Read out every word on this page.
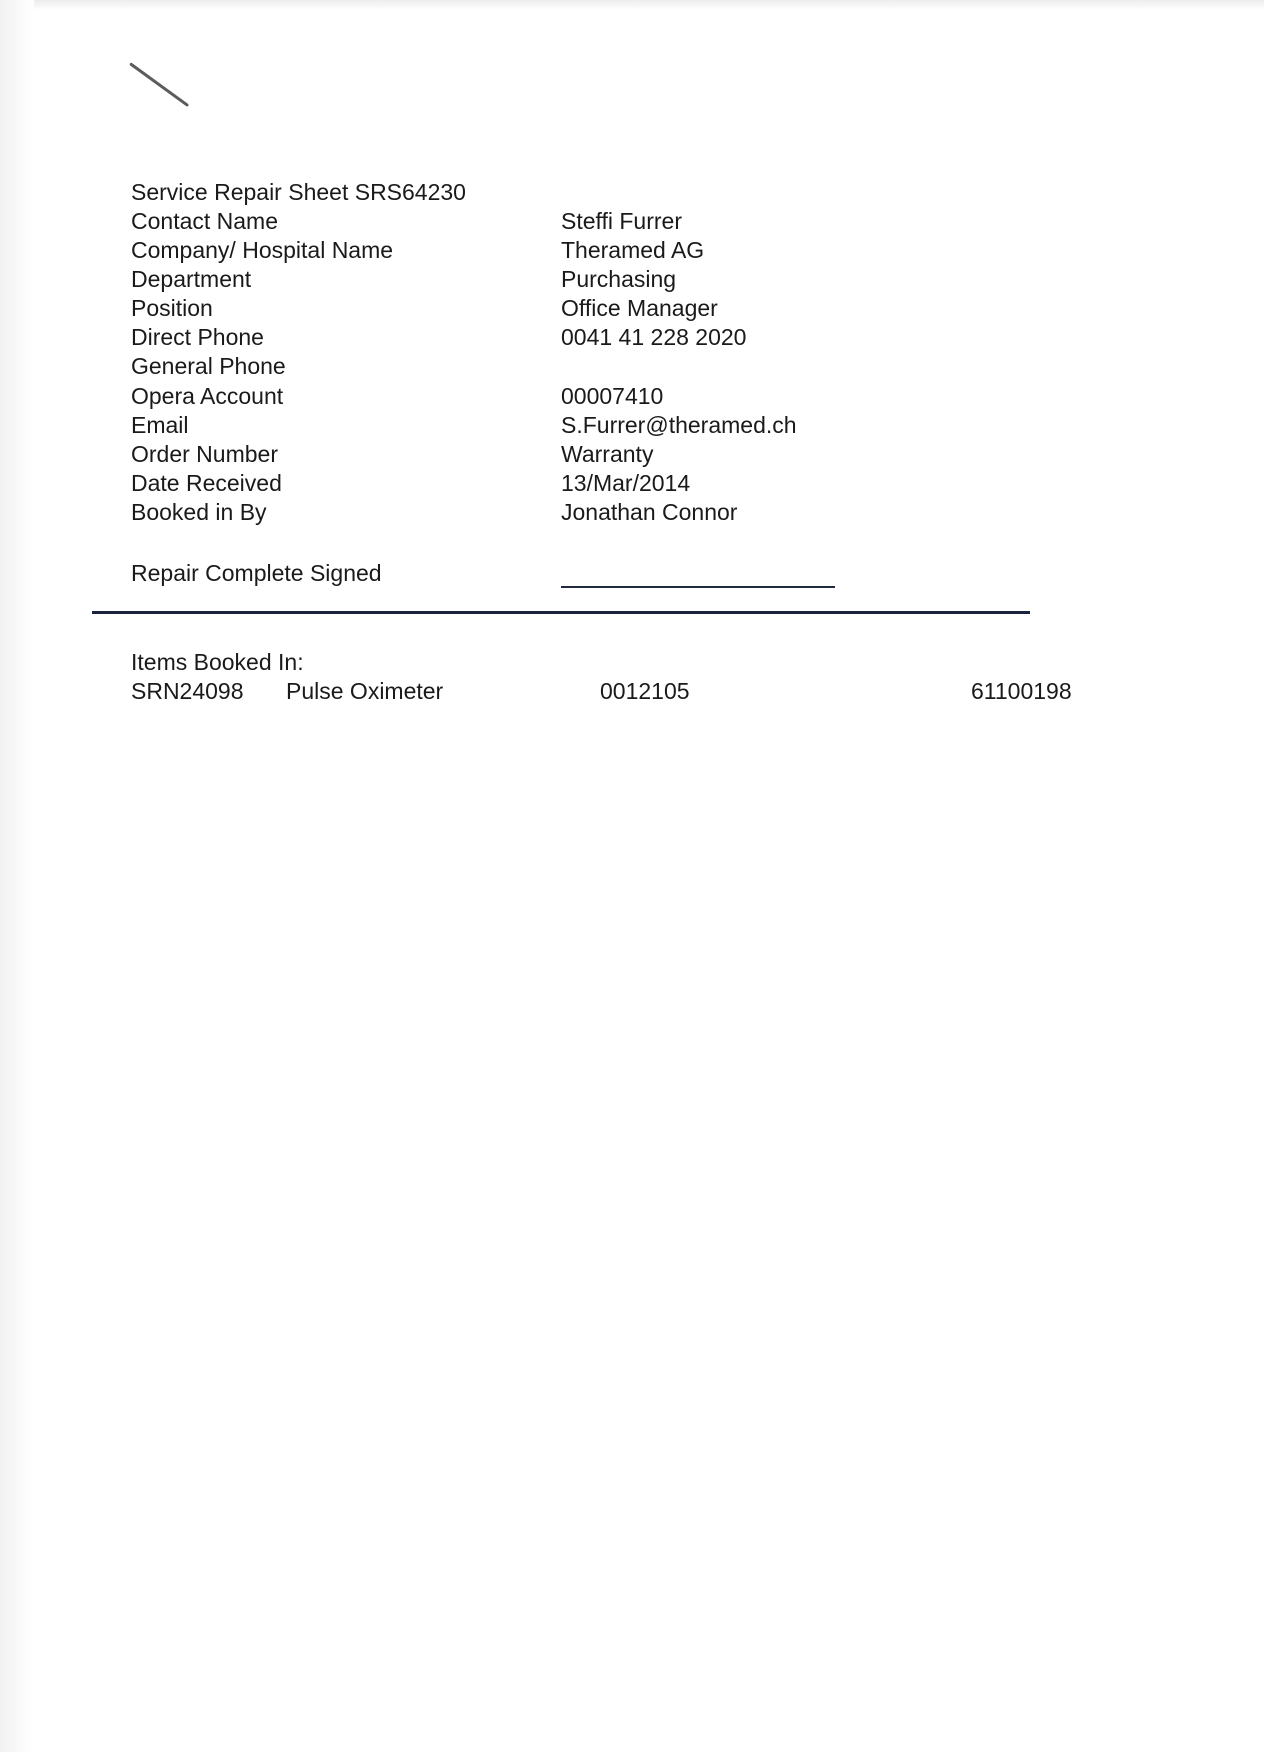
Service Repair Sheet SRS64230
Contact Name	Steffi Furrer
Company/ Hospital Name	Theramed AG
Department	Purchasing
Position	Office Manager
Direct Phone	0041 41 228 2020
General Phone
Opera Account	00007410
Email	S.Furrer@theramed.ch
Order Number	Warranty
Date Received	13/Mar/2014
Booked in By	Jonathan Connor
Repair Complete Signed
Items Booked In:
SRN24098 Pulse Oximeter	0012105	61100198
